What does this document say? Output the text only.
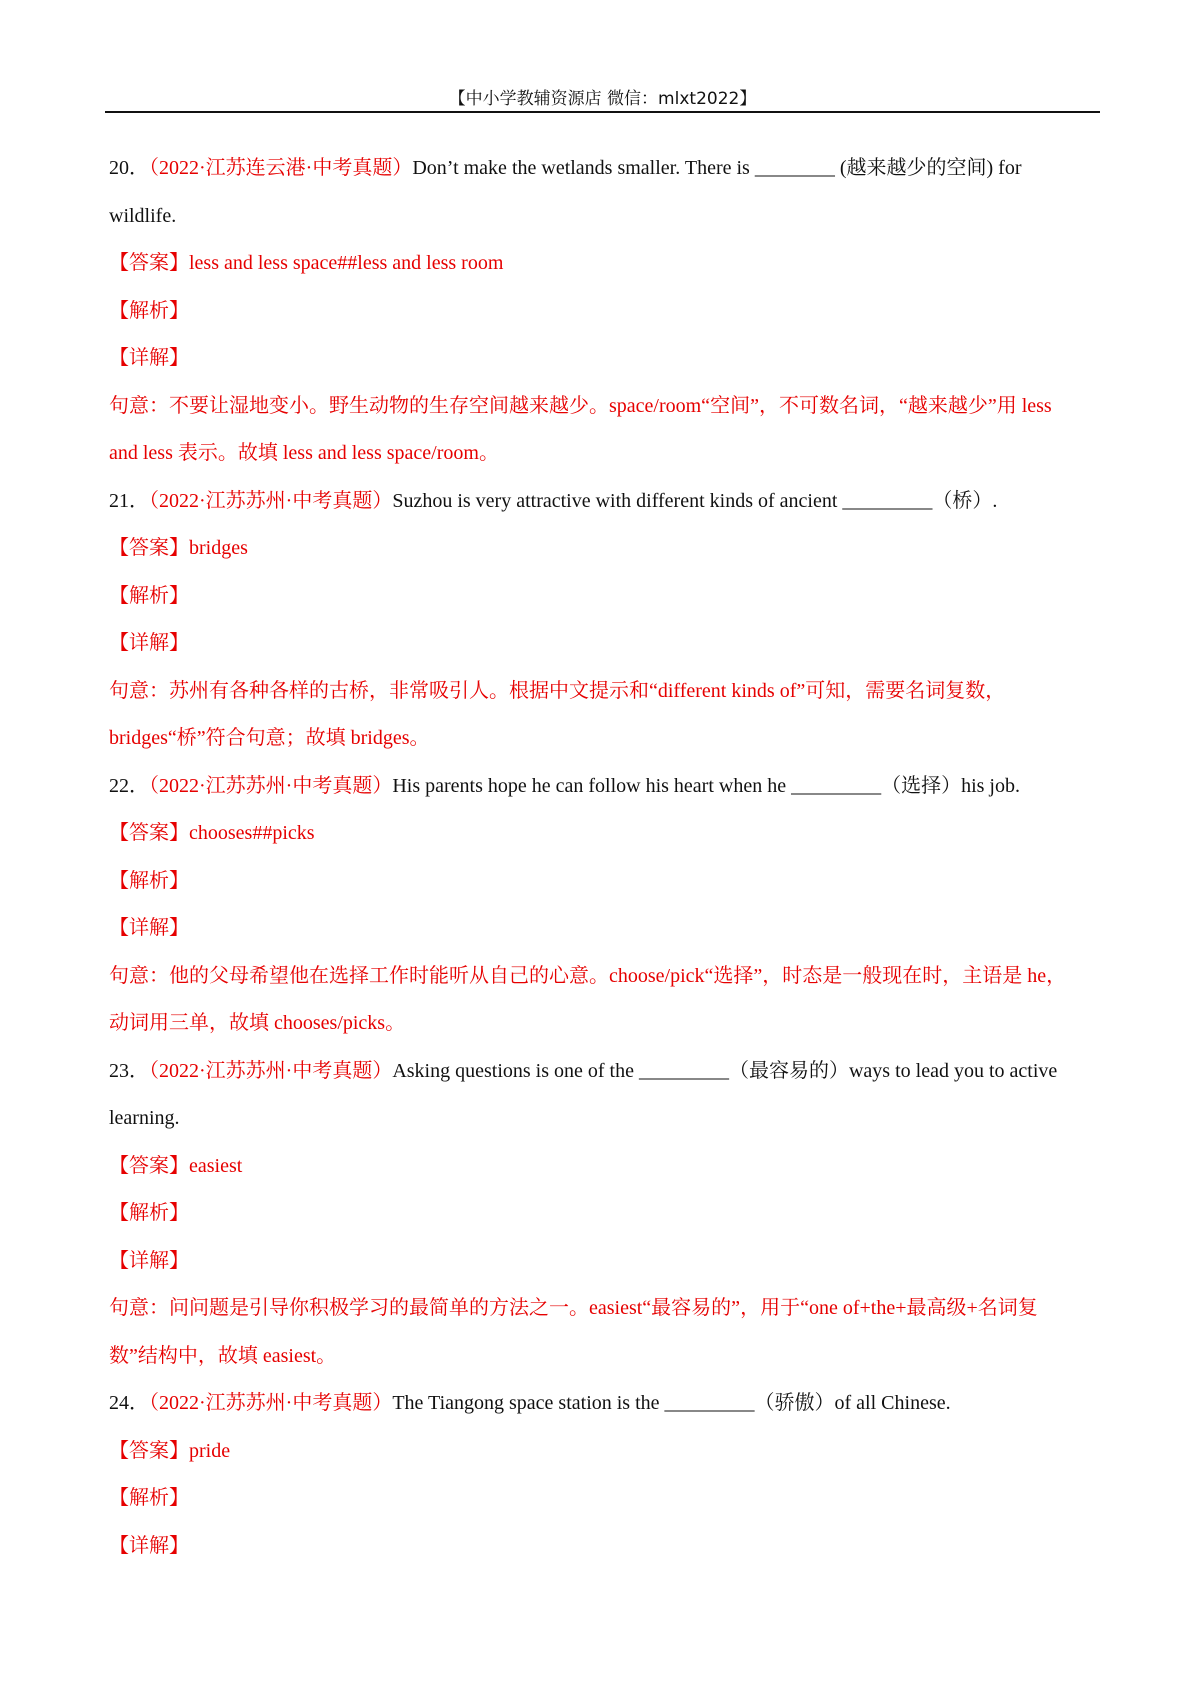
【中小学教辅资源店 微信：mlxt2022】
20．（2022·江苏连云港·中考真题）Don’t make the wetlands smaller. There is ________ (越来越少的空间) for
wildlife.
【答案】less and less space##less and less room
【解析】
【详解】
句意：不要让湿地变小。野生动物的生存空间越来越少。space/room“空间”，不可数名词，“越来越少”用 less
and less 表示。故填 less and less space/room。
21．（2022·江苏苏州·中考真题）Suzhou is very attractive with different kinds of ancient _________（桥）.
【答案】bridges
【解析】
【详解】
句意：苏州有各种各样的古桥，非常吸引人。根据中文提示和“different kinds of”可知，需要名词复数，
bridges“桥”符合句意；故填 bridges。
22．（2022·江苏苏州·中考真题）His parents hope he can follow his heart when he _________（选择）his job.
【答案】chooses##picks
【解析】
【详解】
句意：他的父母希望他在选择工作时能听从自己的心意。choose/pick“选择”，时态是一般现在时，主语是 he，
动词用三单，故填 chooses/picks。
23．（2022·江苏苏州·中考真题）Asking questions is one of the _________（最容易的）ways to lead you to active
learning.
【答案】easiest
【解析】
【详解】
句意：问问题是引导你积极学习的最简单的方法之一。easiest“最容易的”，用于“one of+the+最高级+名词复
数”结构中，故填 easiest。
24．（2022·江苏苏州·中考真题）The Tiangong space station is the _________（骄傲）of all Chinese.
【答案】pride
【解析】
【详解】
